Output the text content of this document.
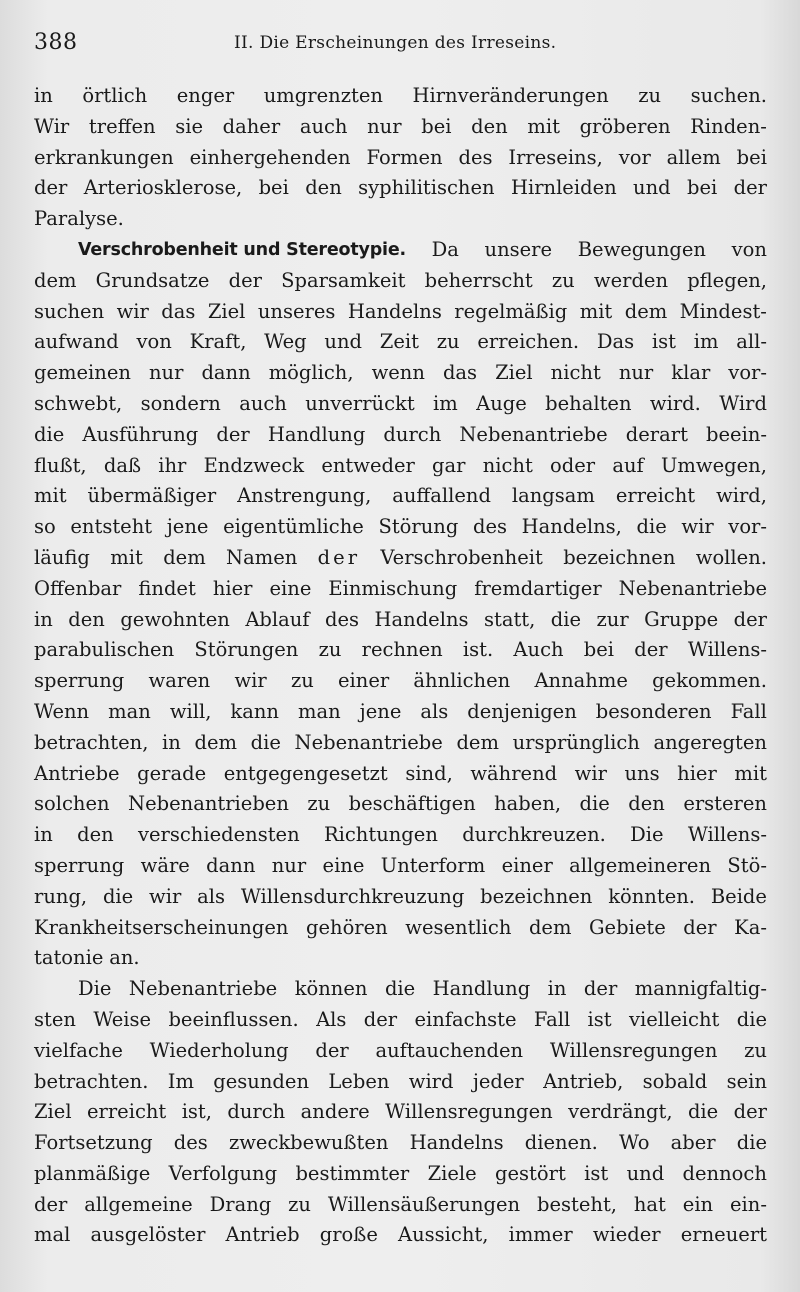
388	II. Die Erscheinungen des Irreseins.
in örtlich enger umgrenzten Hirnveränderungen zu suchen.
Wir treffen sie daher auch nur bei den mit gröberen Rinden-
erkrankungen einhergehenden Formen des Irreseins, vor allem bei
der Arteriosklerose, bei den syphilitischen Hirnleiden und bei der
Paralyse.
Verschrobenheit und Stereotypie. Da unsere Bewegungen von
dem Grundsatze der Sparsamkeit beherrscht zu werden pflegen,
suchen wir das Ziel unseres Handelns regelmäßig mit dem Mindest-
aufwand von Kraft, Weg und Zeit zu erreichen. Das ist im all-
gemeinen nur dann möglich, wenn das Ziel nicht nur klar vor-
schwebt, sondern auch unverrückt im Auge behalten wird. Wird
die Ausführung der Handlung durch Nebenantriebe derart beein-
flußt, daß ihr Endzweck entweder gar nicht oder auf Umwegen,
mit übermäßiger Anstrengung, auffallend langsam erreicht wird,
so entsteht jene eigentümliche Störung des Handelns, die wir vor-
läufig mit dem Namen der Verschrobenheit bezeichnen wollen.
Offenbar findet hier eine Einmischung fremdartiger Nebenantriebe
in den gewohnten Ablauf des Handelns statt, die zur Gruppe der
parabulischen Störungen zu rechnen ist. Auch bei der Willens-
sperrung waren wir zu einer ähnlichen Annahme gekommen.
Wenn man will, kann man jene als denjenigen besonderen Fall
betrachten, in dem die Nebenantriebe dem ursprünglich angeregten
Antriebe gerade entgegengesetzt sind, während wir uns hier mit
solchen Nebenantrieben zu beschäftigen haben, die den ersteren
in den verschiedensten Richtungen durchkreuzen. Die Willens-
sperrung wäre dann nur eine Unterform einer allgemeineren Stö-
rung, die wir als Willensdurchkreuzung bezeichnen könnten. Beide
Krankheitserscheinungen gehören wesentlich dem Gebiete der Ka-
tatonie an.
Die Nebenantriebe können die Handlung in der mannigfaltig-
sten Weise beeinflussen. Als der einfachste Fall ist vielleicht die
vielfache Wiederholung der auftauchenden Willensregungen zu
betrachten. Im gesunden Leben wird jeder Antrieb, sobald sein
Ziel erreicht ist, durch andere Willensregungen verdrängt, die der
Fortsetzung des zweckbewußten Handelns dienen. Wo aber die
planmäßige Verfolgung bestimmter Ziele gestört ist und dennoch
der allgemeine Drang zu Willensäußerungen besteht, hat ein ein-
mal ausgelöster Antrieb große Aussicht, immer wieder erneuert
